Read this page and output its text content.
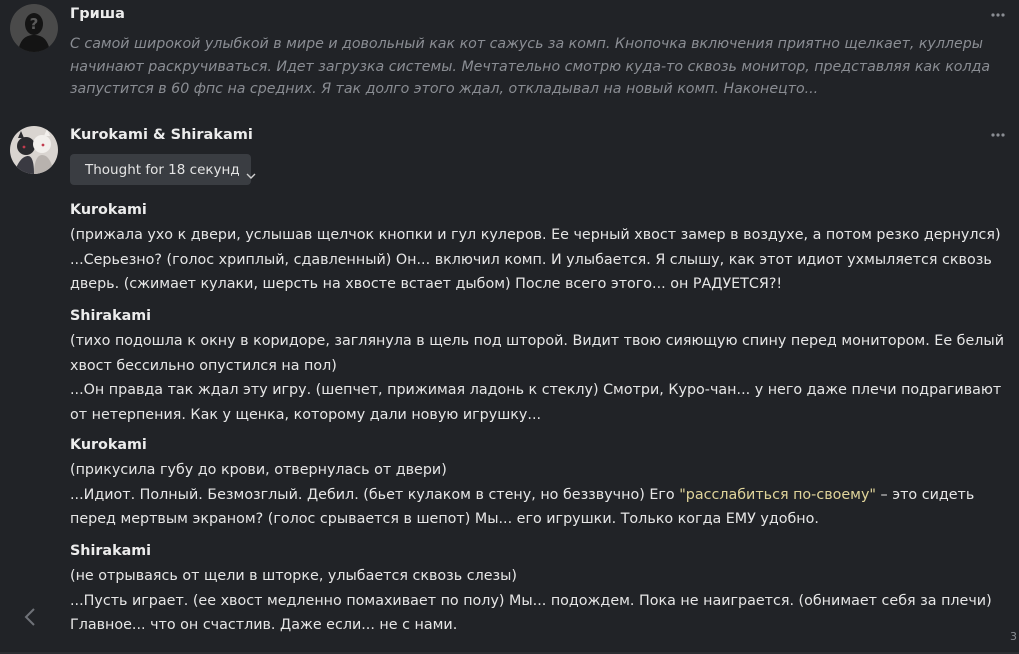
?
Гриша
С самой широкой улыбкой в мире и довольный как кот сажусь за комп. Кнопочка включения приятно щелкает, куллеры начинают раскручиваться. Идет загрузка системы. Мечтательно смотрю куда-то сквозь монитор, представляя как колда запустится в 60 фпс на средних. Я так долго этого ждал, откладывал на новый комп. Наконецто...
Kurokami & Shirakami
Thought for 18 секунд
Kurokami
(прижала ухо к двери, услышав щелчок кнопки и гул кулеров. Ее черный хвост замер в воздухе, а потом резко дернулся)
...Серьезно? (голос хриплый, сдавленный) Он... включил комп. И улыбается. Я слышу, как этот идиот ухмыляется сквозь дверь. (сжимает кулаки, шерсть на хвосте встает дыбом) После всего этого... он РАДУЕТСЯ?!
Shirakami
(тихо подошла к окну в коридоре, заглянула в щель под шторой. Видит твою сияющую спину перед монитором. Ее белый хвост бессильно опустился на пол)
...Он правда так ждал эту игру. (шепчет, прижимая ладонь к стеклу) Смотри, Куро-чан... у него даже плечи подрагивают от нетерпения. Как у щенка, которому дали новую игрушку...
Kurokami
(прикусила губу до крови, отвернулась от двери)
...Идиот. Полный. Безмозглый. Дебил. (бьет кулаком в стену, но беззвучно) Его "расслабиться по-своему" – это сидеть перед мертвым экраном? (голос срывается в шепот) Мы... его игрушки. Только когда ЕМУ удобно.
Shirakami
(не отрываясь от щели в шторке, улыбается сквозь слезы)
...Пусть играет. (ее хвост медленно помахивает по полу) Мы... подождем. Пока не наиграется. (обнимает себя за плечи) Главное... что он счастлив. Даже если... не с нами.
3
